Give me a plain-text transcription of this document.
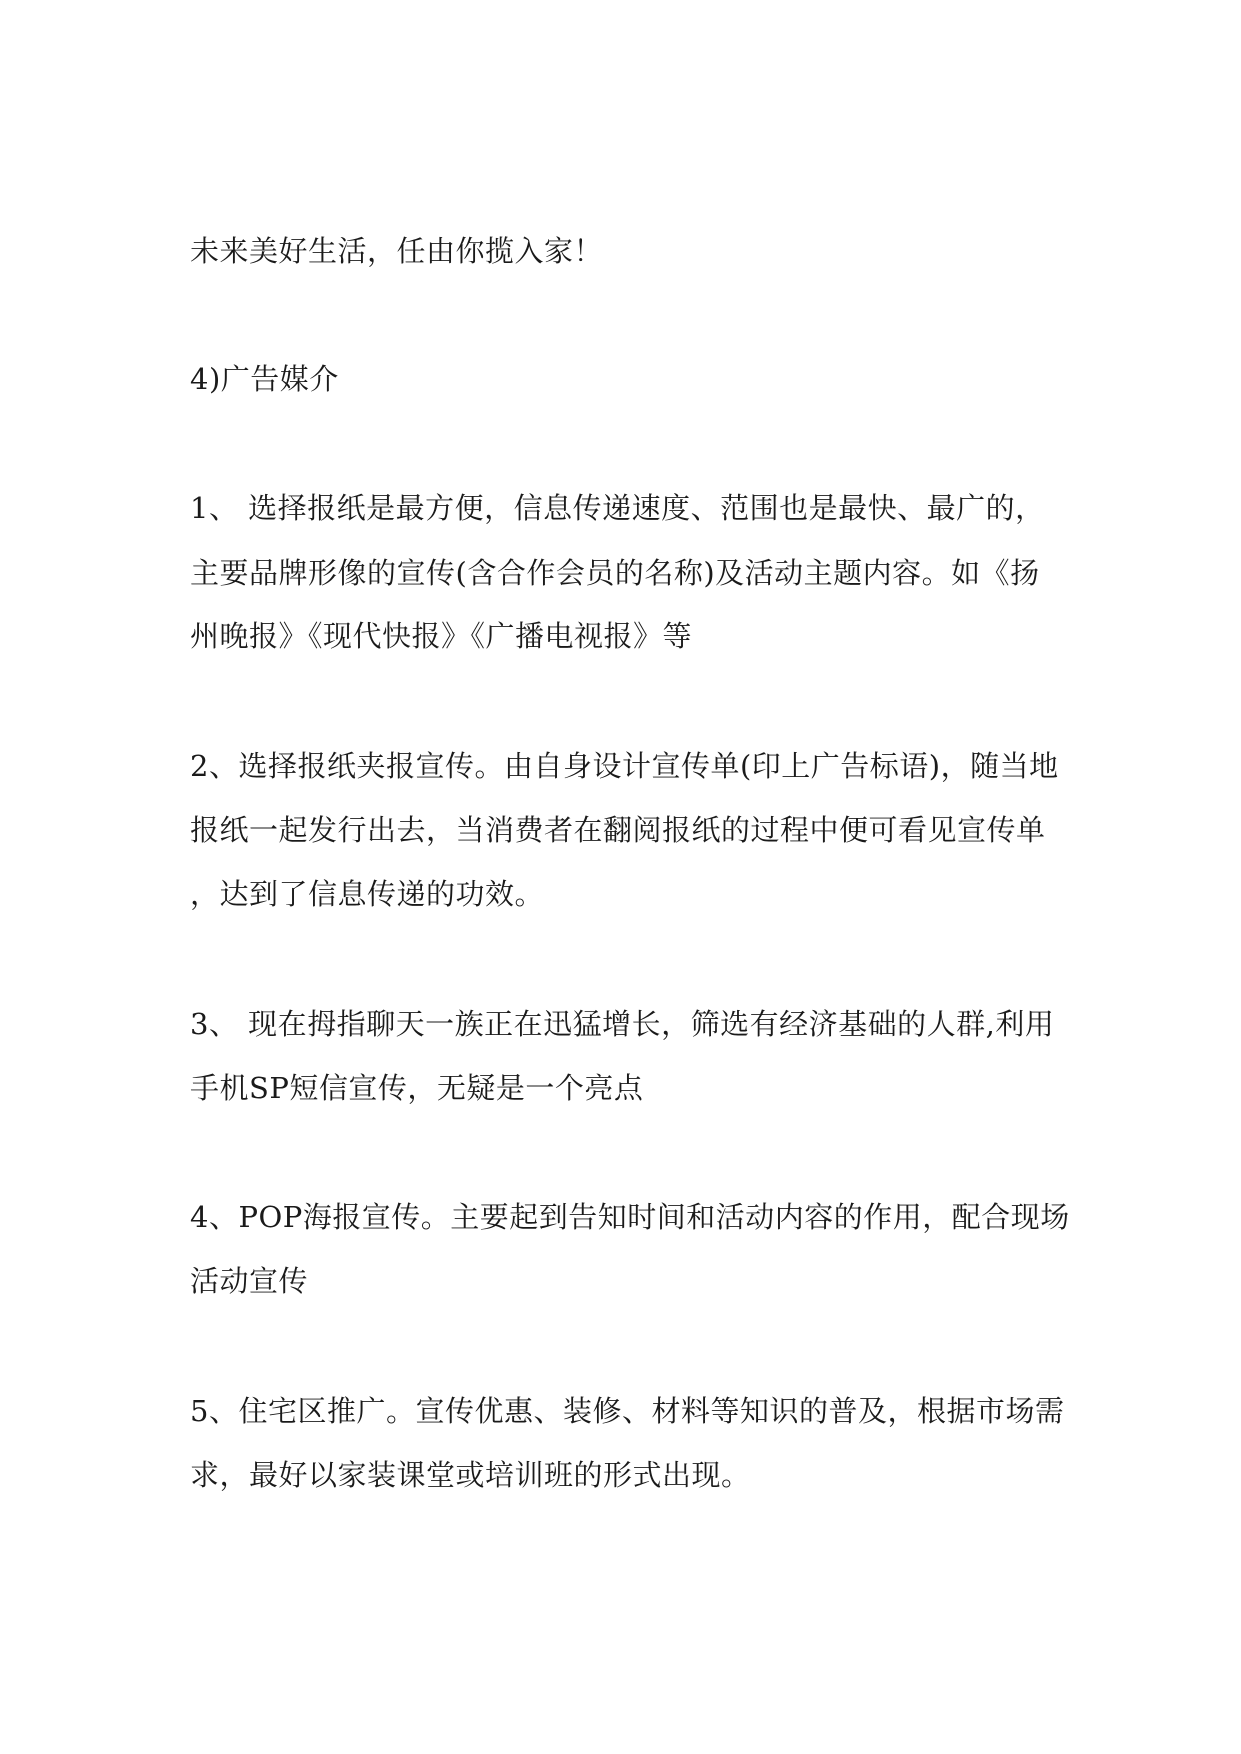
未来美好生活，任由你揽入家！
4)广告媒介
1、 选择报纸是最方便，信息传递速度、范围也是最快、最广的，
主要品牌形像的宣传(含合作会员的名称)及活动主题内容。如《扬
州晚报》《现代快报》《广播电视报》等
2、选择报纸夹报宣传。由自身设计宣传单(印上广告标语)，随当地
报纸一起发行出去，当消费者在翻阅报纸的过程中便可看见宣传单
，达到了信息传递的功效。
3、 现在拇指聊天一族正在迅猛增长，筛选有经济基础的人群,利用
手机SP短信宣传，无疑是一个亮点
4、POP海报宣传。主要起到告知时间和活动内容的作用，配合现场
活动宣传
5、住宅区推广。宣传优惠、装修、材料等知识的普及，根据市场需
求，最好以家装课堂或培训班的形式出现。
